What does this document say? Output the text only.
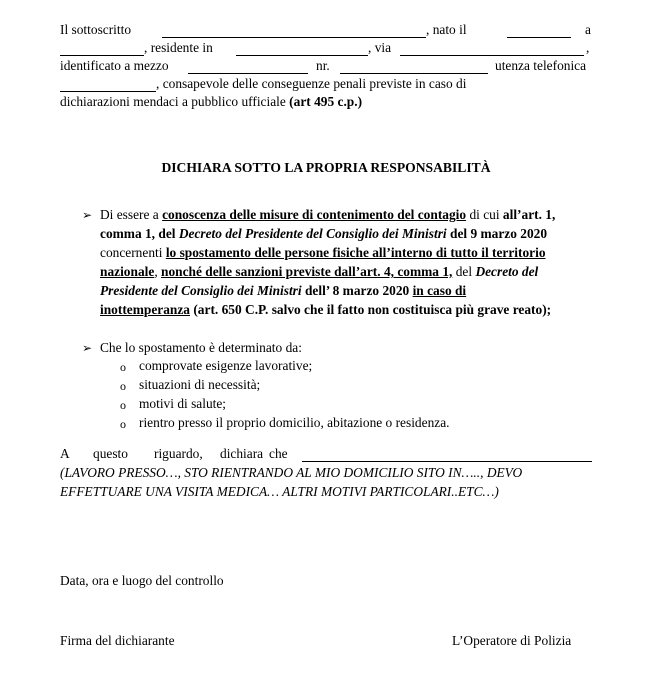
Il sottoscritto	, nato il	a
, residente in	, via	,
identificato a mezzo	nr.	utenza telefonica
, consapevole delle conseguenze penali previste in caso di
dichiarazioni mendaci a pubblico ufficiale (art 495 c.p.)
DICHIARA SOTTO LA PROPRIA RESPONSABILITÀ
➢ Di essere a conoscenza delle misure di contenimento del contagio di cui all’art. 1,
comma 1, del Decreto del Presidente del Consiglio dei Ministri del 9 marzo 2020
concernenti lo spostamento delle persone fisiche all’interno di tutto il territorio
nazionale, nonché delle sanzioni previste dall’art. 4, comma 1, del Decreto del
Presidente del Consiglio dei Ministri dell’ 8 marzo 2020 in caso di
inottemperanza (art. 650 C.P. salvo che il fatto non costituisca più grave reato);
➢ Che lo spostamento è determinato da:
o comprovate esigenze lavorative;
o situazioni di necessità;
o motivi di salute;
o rientro presso il proprio domicilio, abitazione o residenza.
A questo riguardo, dichiara che
(LAVORO PRESSO…, STO RIENTRANDO AL MIO DOMICILIO SITO IN….., DEVO
EFFETTUARE UNA VISITA MEDICA… ALTRI MOTIVI PARTICOLARI..ETC…)
Data, ora e luogo del controllo
Firma del dichiarante	L’Operatore di Polizia
